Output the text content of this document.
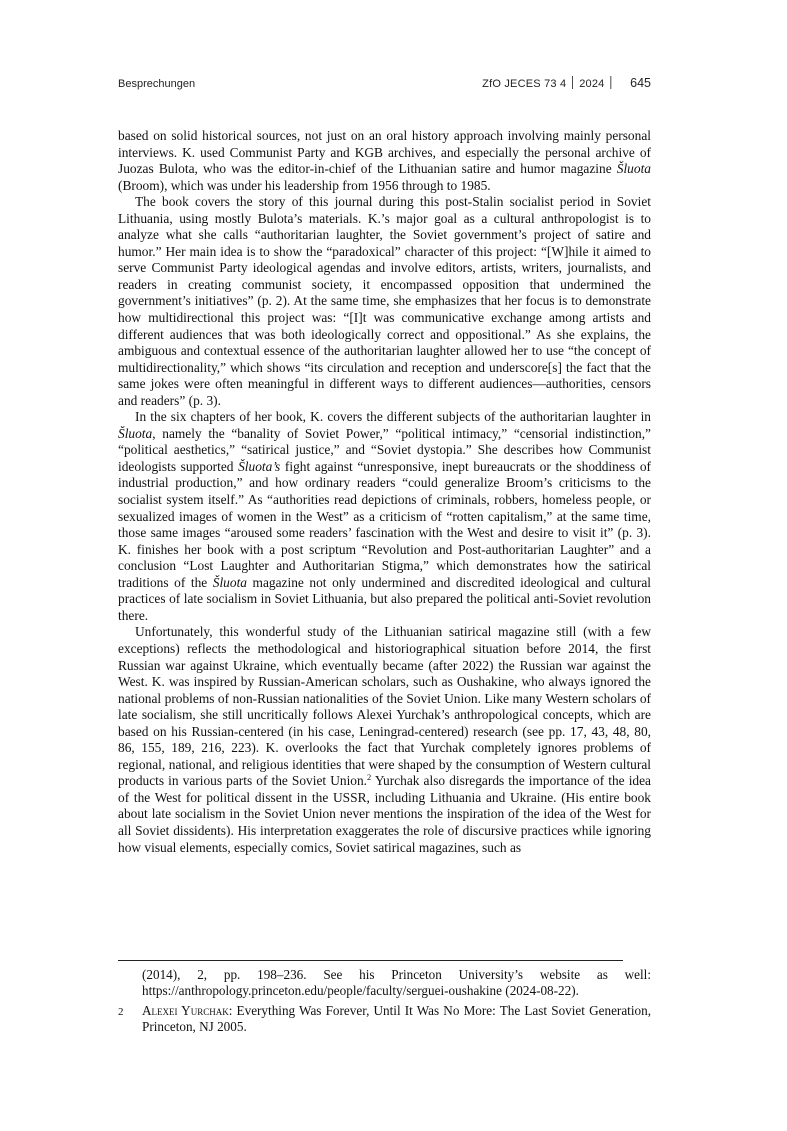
Besprechungen	ZfO JECES 73 ׀ 2024 ׀ 4 645

based on solid historical sources, not just on an oral history approach involving mainly personal interviews. K. used Communist Party and KGB archives, and especially the personal archive of Juozas Bulota, who was the editor-in-chief of the Lithuanian satire and humor magazine Šluota (Broom), which was under his leadership from 1956 through to 1985.

The book covers the story of this journal during this post-Stalin socialist period in Soviet Lithuania, using mostly Bulota’s materials. K.’s major goal as a cultural anthropologist is to analyze what she calls “authoritarian laughter, the Soviet government’s project of satire and humor.” Her main idea is to show the “paradoxical” character of this project: “[W]hile it aimed to serve Communist Party ideological agendas and involve editors, artists, writers, journalists, and readers in creating communist society, it encompassed opposition that undermined the government’s initiatives” (p. 2). At the same time, she emphasizes that her focus is to demonstrate how multidirectional this project was: “[I]t was communicative exchange among artists and different audiences that was both ideologically correct and oppositional.” As she explains, the ambiguous and contextual essence of the authoritarian laughter allowed her to use “the concept of multidirectionality,” which shows “its circulation and reception and underscore[s] the fact that the same jokes were often meaningful in different ways to different audiences—authorities, censors and readers” (p. 3).

In the six chapters of her book, K. covers the different subjects of the authoritarian laughter in Šluota, namely the “banality of Soviet Power,” “political intimacy,” “censorial indistinction,” “political aesthetics,” “satirical justice,” and “Soviet dystopia.” She describes how Communist ideologists supported Šluota’s fight against “unresponsive, inept bureaucrats or the shoddiness of industrial production,” and how ordinary readers “could generalize Broom’s criticisms to the socialist system itself.” As “authorities read depictions of criminals, robbers, homeless people, or sexualized images of women in the West” as a criticism of “rotten capitalism,” at the same time, those same images “aroused some readers’ fascination with the West and desire to visit it” (p. 3). K. finishes her book with a post scriptum “Revolution and Post-authoritarian Laughter” and a conclusion “Lost Laughter and Authoritarian Stigma,” which demonstrates how the satirical traditions of the Šluota magazine not only undermined and discredited ideological and cultural practices of late socialism in Soviet Lithuania, but also prepared the political anti-Soviet revolution there.

Unfortunately, this wonderful study of the Lithuanian satirical magazine still (with a few exceptions) reflects the methodological and historiographical situation before 2014, the first Russian war against Ukraine, which eventually became (after 2022) the Russian war against the West. K. was inspired by Russian-American scholars, such as Oushakine, who always ignored the national problems of non-Russian nationalities of the Soviet Union. Like many Western scholars of late socialism, she still uncritically follows Alexei Yurchak’s anthropological concepts, which are based on his Russian-centered (in his case, Leningrad-centered) research (see pp. 17, 43, 48, 80, 86, 155, 189, 216, 223). K. overlooks the fact that Yurchak completely ignores problems of regional, national, and religious identities that were shaped by the consumption of Western cultural products in various parts of the Soviet Union.$^2$ Yurchak also disregards the importance of the idea of the West for political dissent in the USSR, including Lithuania and Ukraine. (His entire book about late socialism in the Soviet Union never mentions the inspiration of the idea of the West for all Soviet dissidents). His interpretation exaggerates the role of discursive practices while ignoring how visual elements, especially comics, Soviet satirical magazines, such as

(2014), 2, pp. 198–236. See his Princeton University’s website as well: https://anthropology.princeton.edu/people/faculty/serguei-oushakine (2024-08-22).
2	Alexei Yurchak: Everything Was Forever, Until It Was No More: The Last Soviet Generation, Princeton, NJ 2005.
